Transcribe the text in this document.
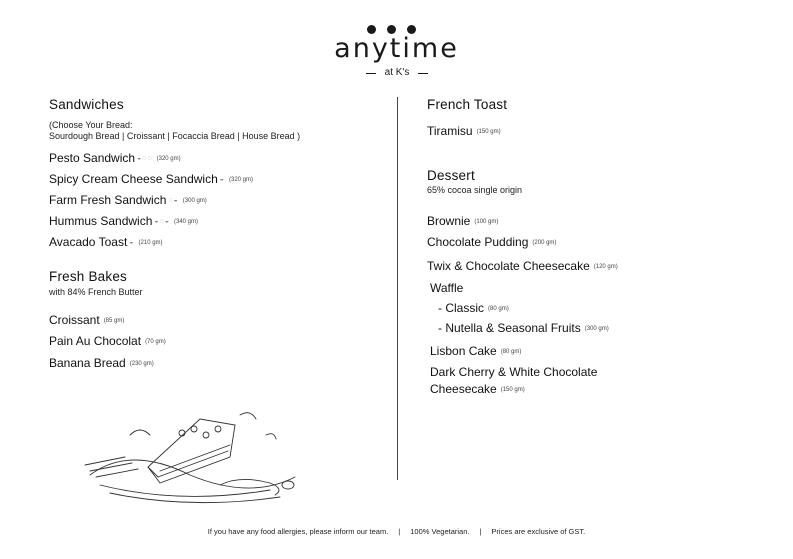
anytime
at K's
Sandwiches
(Choose Your Bread:
Sourdough Bread | Croissant | Focaccia Bread | House Bread )
Pesto Sandwich ◒◌◌ (320 gm)
Spicy Cream Cheese Sandwich ◒ (320 gm)
Farm Fresh Sandwich ◌◒ (300 gm)
Hummus Sandwich ◒◌◒ (340 gm)
Avacado Toast ◒ (210 gm)
Fresh Bakes
with 84% French Butter
Croissant (85 gm)
Pain Au Chocolat (70 gm)
Banana Bread (230 gm)
French Toast
Tiramisu (150 gm)
Dessert
65% cocoa single origin
Brownie (100 gm)
Chocolate Pudding (200 gm)
Twix & Chocolate Cheesecake (120 gm)
Waffle
- Classic (80 gm)
- Nutella & Seasonal Fruits (300 gm)
Lisbon Cake (80 gm)
Dark Cherry & White Chocolate
Cheesecake (150 gm)
If you have any food allergies, please inform our team. | 100% Vegetarian. | Prices are exclusive of GST.
